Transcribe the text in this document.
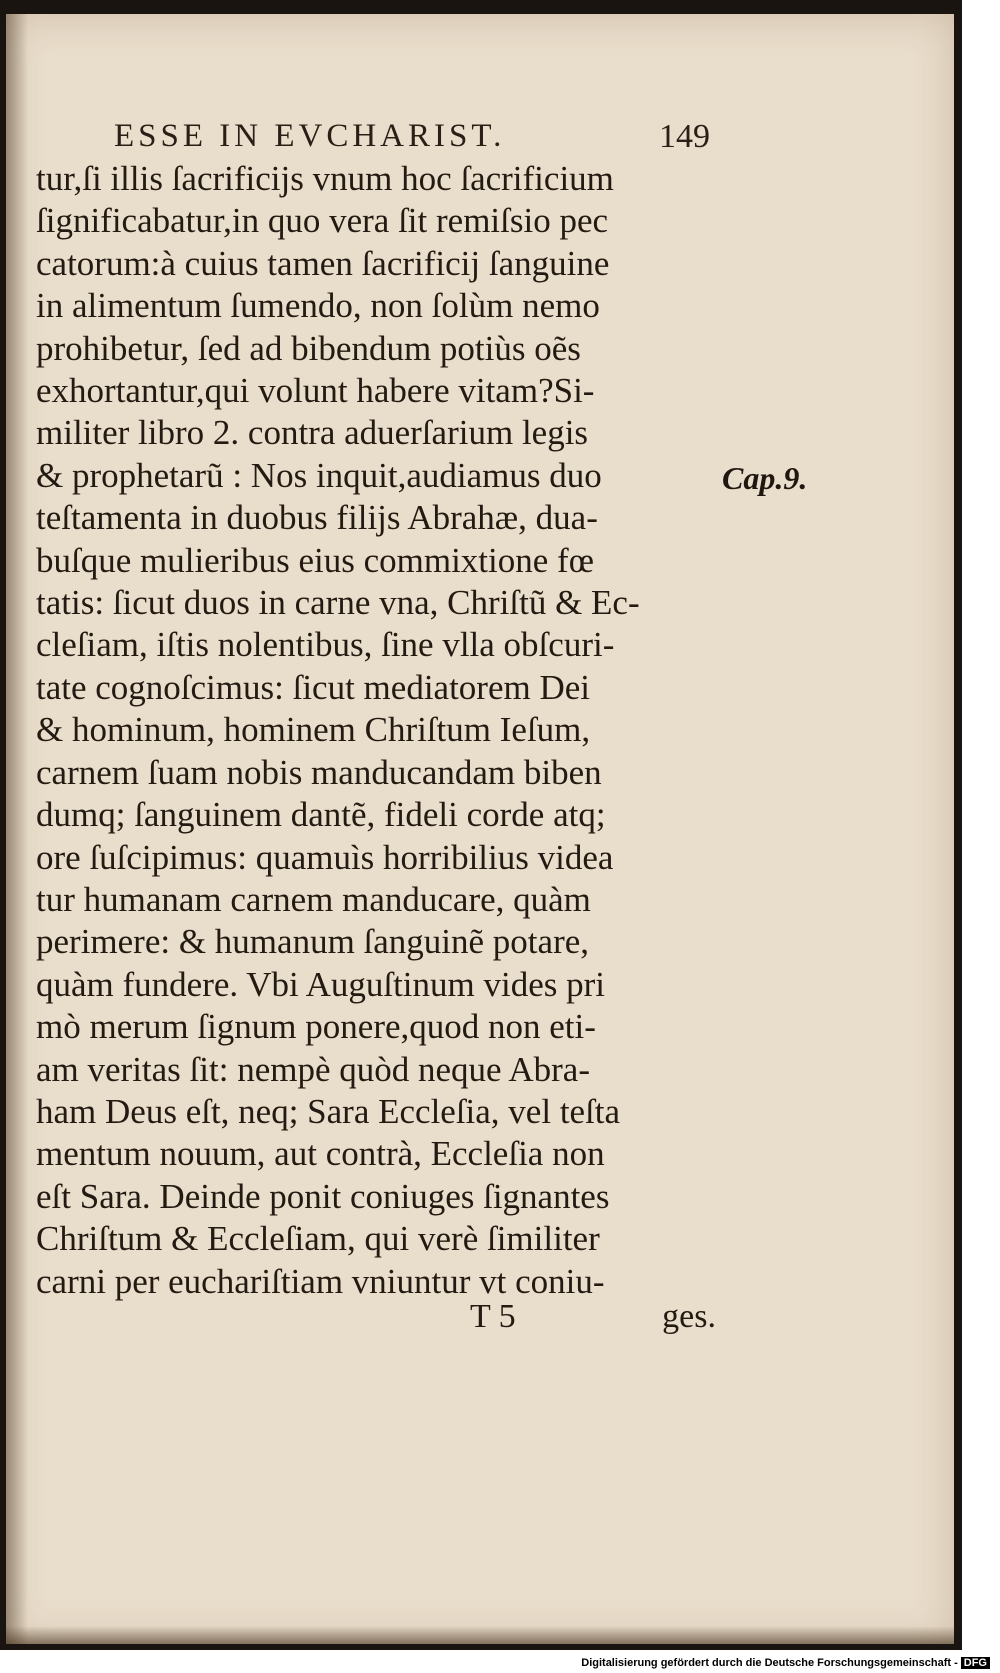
ESSE IN EVCHARIST.	149
tur,ſi illis ſacrificijs vnum hoc ſacrificium
ſignificabatur,in quo vera ſit remiſsio pec
catorum:à cuius tamen ſacrificij ſanguine
in alimentum ſumendo, non ſolùm nemo
prohibetur, ſed ad bibendum potiùs oẽs
exhortantur,qui volunt habere vitam?Si-
militer libro 2. contra aduerſarium legis
& prophetarũ : Nos inquit,audiamus duo
teſtamenta in duobus filijs Abrahæ, dua-
buſque mulieribus eius commixtione fœ
tatis: ſicut duos in carne vna, Chriſtũ & Ec-
cleſiam, iſtis nolentibus, ſine vlla obſcuri-
tate cognoſcimus: ſicut mediatorem Dei
& hominum, hominem Chriſtum Ieſum,
carnem ſuam nobis manducandam biben
dumq; ſanguinem dantẽ, fideli corde atq;
ore ſuſcipimus: quamuìs horribilius videa
tur humanam carnem manducare, quàm
perimere: & humanum ſanguinẽ potare,
quàm fundere. Vbi Auguſtinum vides pri
mò merum ſignum ponere,quod non eti-
am veritas ſit: nempè quòd neque Abra-
ham Deus eſt, neq; Sara Eccleſia, vel teſta
mentum nouum, aut contrà, Eccleſia non
eſt Sara. Deinde ponit coniuges ſignantes
Chriſtum & Eccleſiam, qui verè ſimiliter
carni per euchariſtiam vniuntur vt coniu-
Cap.9.
T 5	ges.
Digitalisierung gefördert durch die Deutsche Forschungsgemeinschaft - DFG
